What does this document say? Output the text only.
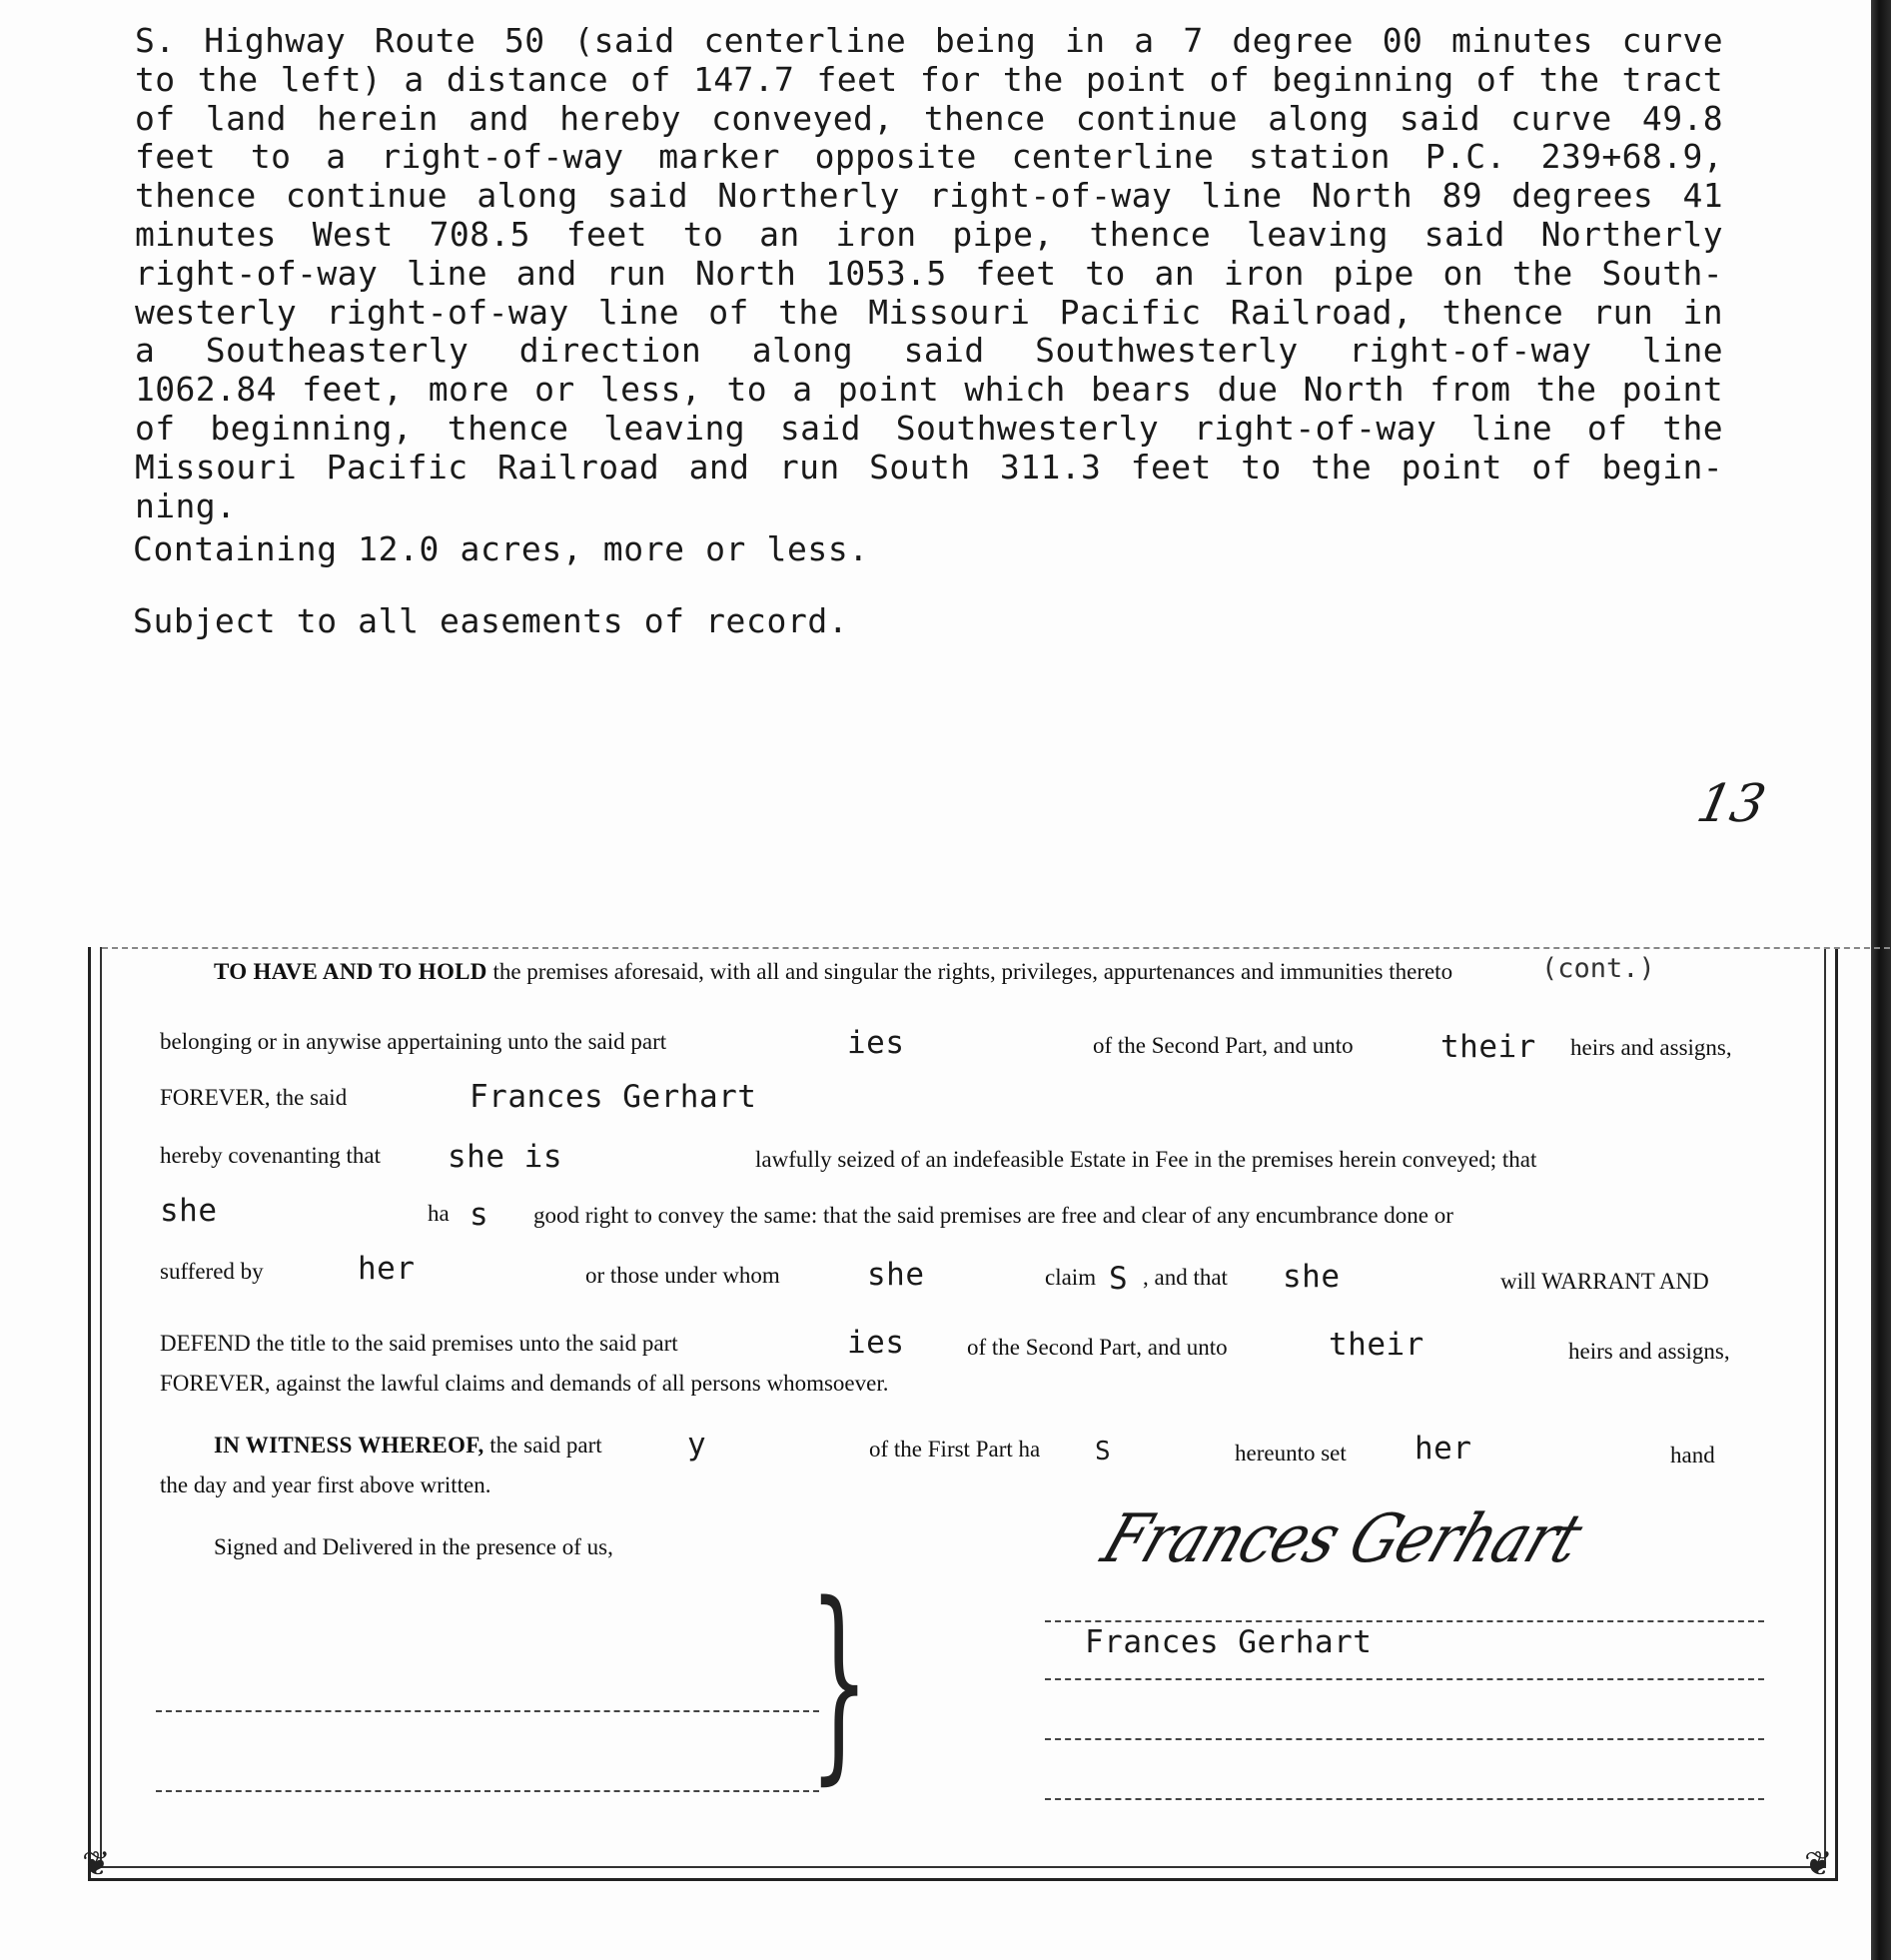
S. Highway Route 50 (said centerline being in a 7 degree 00 minutes curve
to the left) a distance of 147.7 feet for the point of beginning of the tract
of land herein and hereby conveyed, thence continue along said curve 49.8
feet to a right-of-way marker opposite centerline station P.C. 239+68.9,
thence continue along said Northerly right-of-way line North 89 degrees 41
minutes West 708.5 feet to an iron pipe, thence leaving said Northerly
right-of-way line and run North 1053.5 feet to an iron pipe on the South-
westerly right-of-way line of the Missouri Pacific Railroad, thence run in
a Southeasterly direction along said Southwesterly right-of-way line
1062.84 feet, more or less, to a point which bears due North from the point
of beginning, thence leaving said Southwesterly right-of-way line of the
Missouri Pacific Railroad and run South 311.3 feet to the point of begin-
ning.
Containing 12.0 acres, more or less.
Subject to all easements of record.
13
❦	❦
(cont.)
TO HAVE AND TO HOLD the premises aforesaid, with all and singular the rights, privileges, appurtenances and immunities thereto
belonging or in anywise appertaining unto the said part	ies	of the Second Part, and unto	their heirs and assigns,
FOREVER, the said	Frances Gerhart
hereby covenanting that she is	lawfully seized of an indefeasible Estate in Fee in the premises herein conveyed; that
she	ha s good right to convey the same: that the said premises are free and clear of any encumbrance done or
suffered by	her	or those under whom	she	claim S , and that she	will WARRANT AND
DEFEND the title to the said premises unto the said part	ies	of the Second Part, and unto	their	heirs and assigns,
FOREVER, against the lawful claims and demands of all persons whomsoever.
IN WITNESS WHEREOF, the said part	y	of the First Part ha S	hereunto set her	hand
the day and year first above written.
Signed and Delivered in the presence of us,
}
Frances Gerhart
Frances Gerhart
